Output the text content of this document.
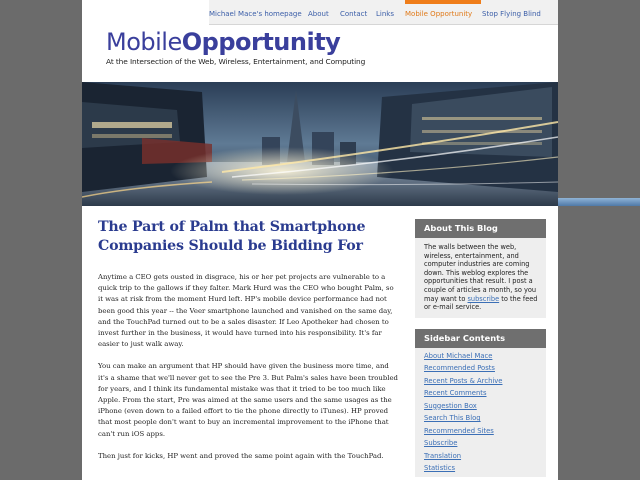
Michael Mace's homepage About Contact Links Mobile Opportunity Stop Flying Blind
MobileOpportunity
At the Intersection of the Web, Wireless, Entertainment, and Computing
The Part of Palm that Smartphone Companies Should be Bidding For

Anytime a CEO gets ousted in disgrace, his or her pet projects are vulnerable to a quick trip to the gallows if they falter. Mark Hurd was the CEO who bought Palm, so it was at risk from the moment Hurd left. HP's mobile device performance had not been good this year -- the Veer smartphone launched and vanished on the same day, and the TouchPad turned out to be a sales disaster. If Leo Apotheker had chosen to invest further in the business, it would have turned into his responsibility. It's far easier to just walk away.

You can make an argument that HP should have given the business more time, and it's a shame that we'll never get to see the Pre 3. But Palm's sales have been troubled for years, and I think its fundamental mistake was that it tried to be too much like Apple. From the start, Pre was aimed at the same users and the same usages as the iPhone (even down to a failed effort to tie the phone directly to iTunes). HP proved that most people don't want to buy an incremental improvement to the iPhone that can't run iOS apps.

Then just for kicks, HP went and proved the same point again with the TouchPad.

About This Blog
The walls between the web, wireless, entertainment, and computer industries are coming down. This weblog explores the opportunities that result. I post a couple of articles a month, so you may want to subscribe to the feed or e-mail service.
Sidebar Contents
About Michael Mace
Recommended Posts
Recent Posts & Archive
Recent Comments
Suggestion Box
Search This Blog
Recommended Sites
Subscribe
Translation
Statistics
